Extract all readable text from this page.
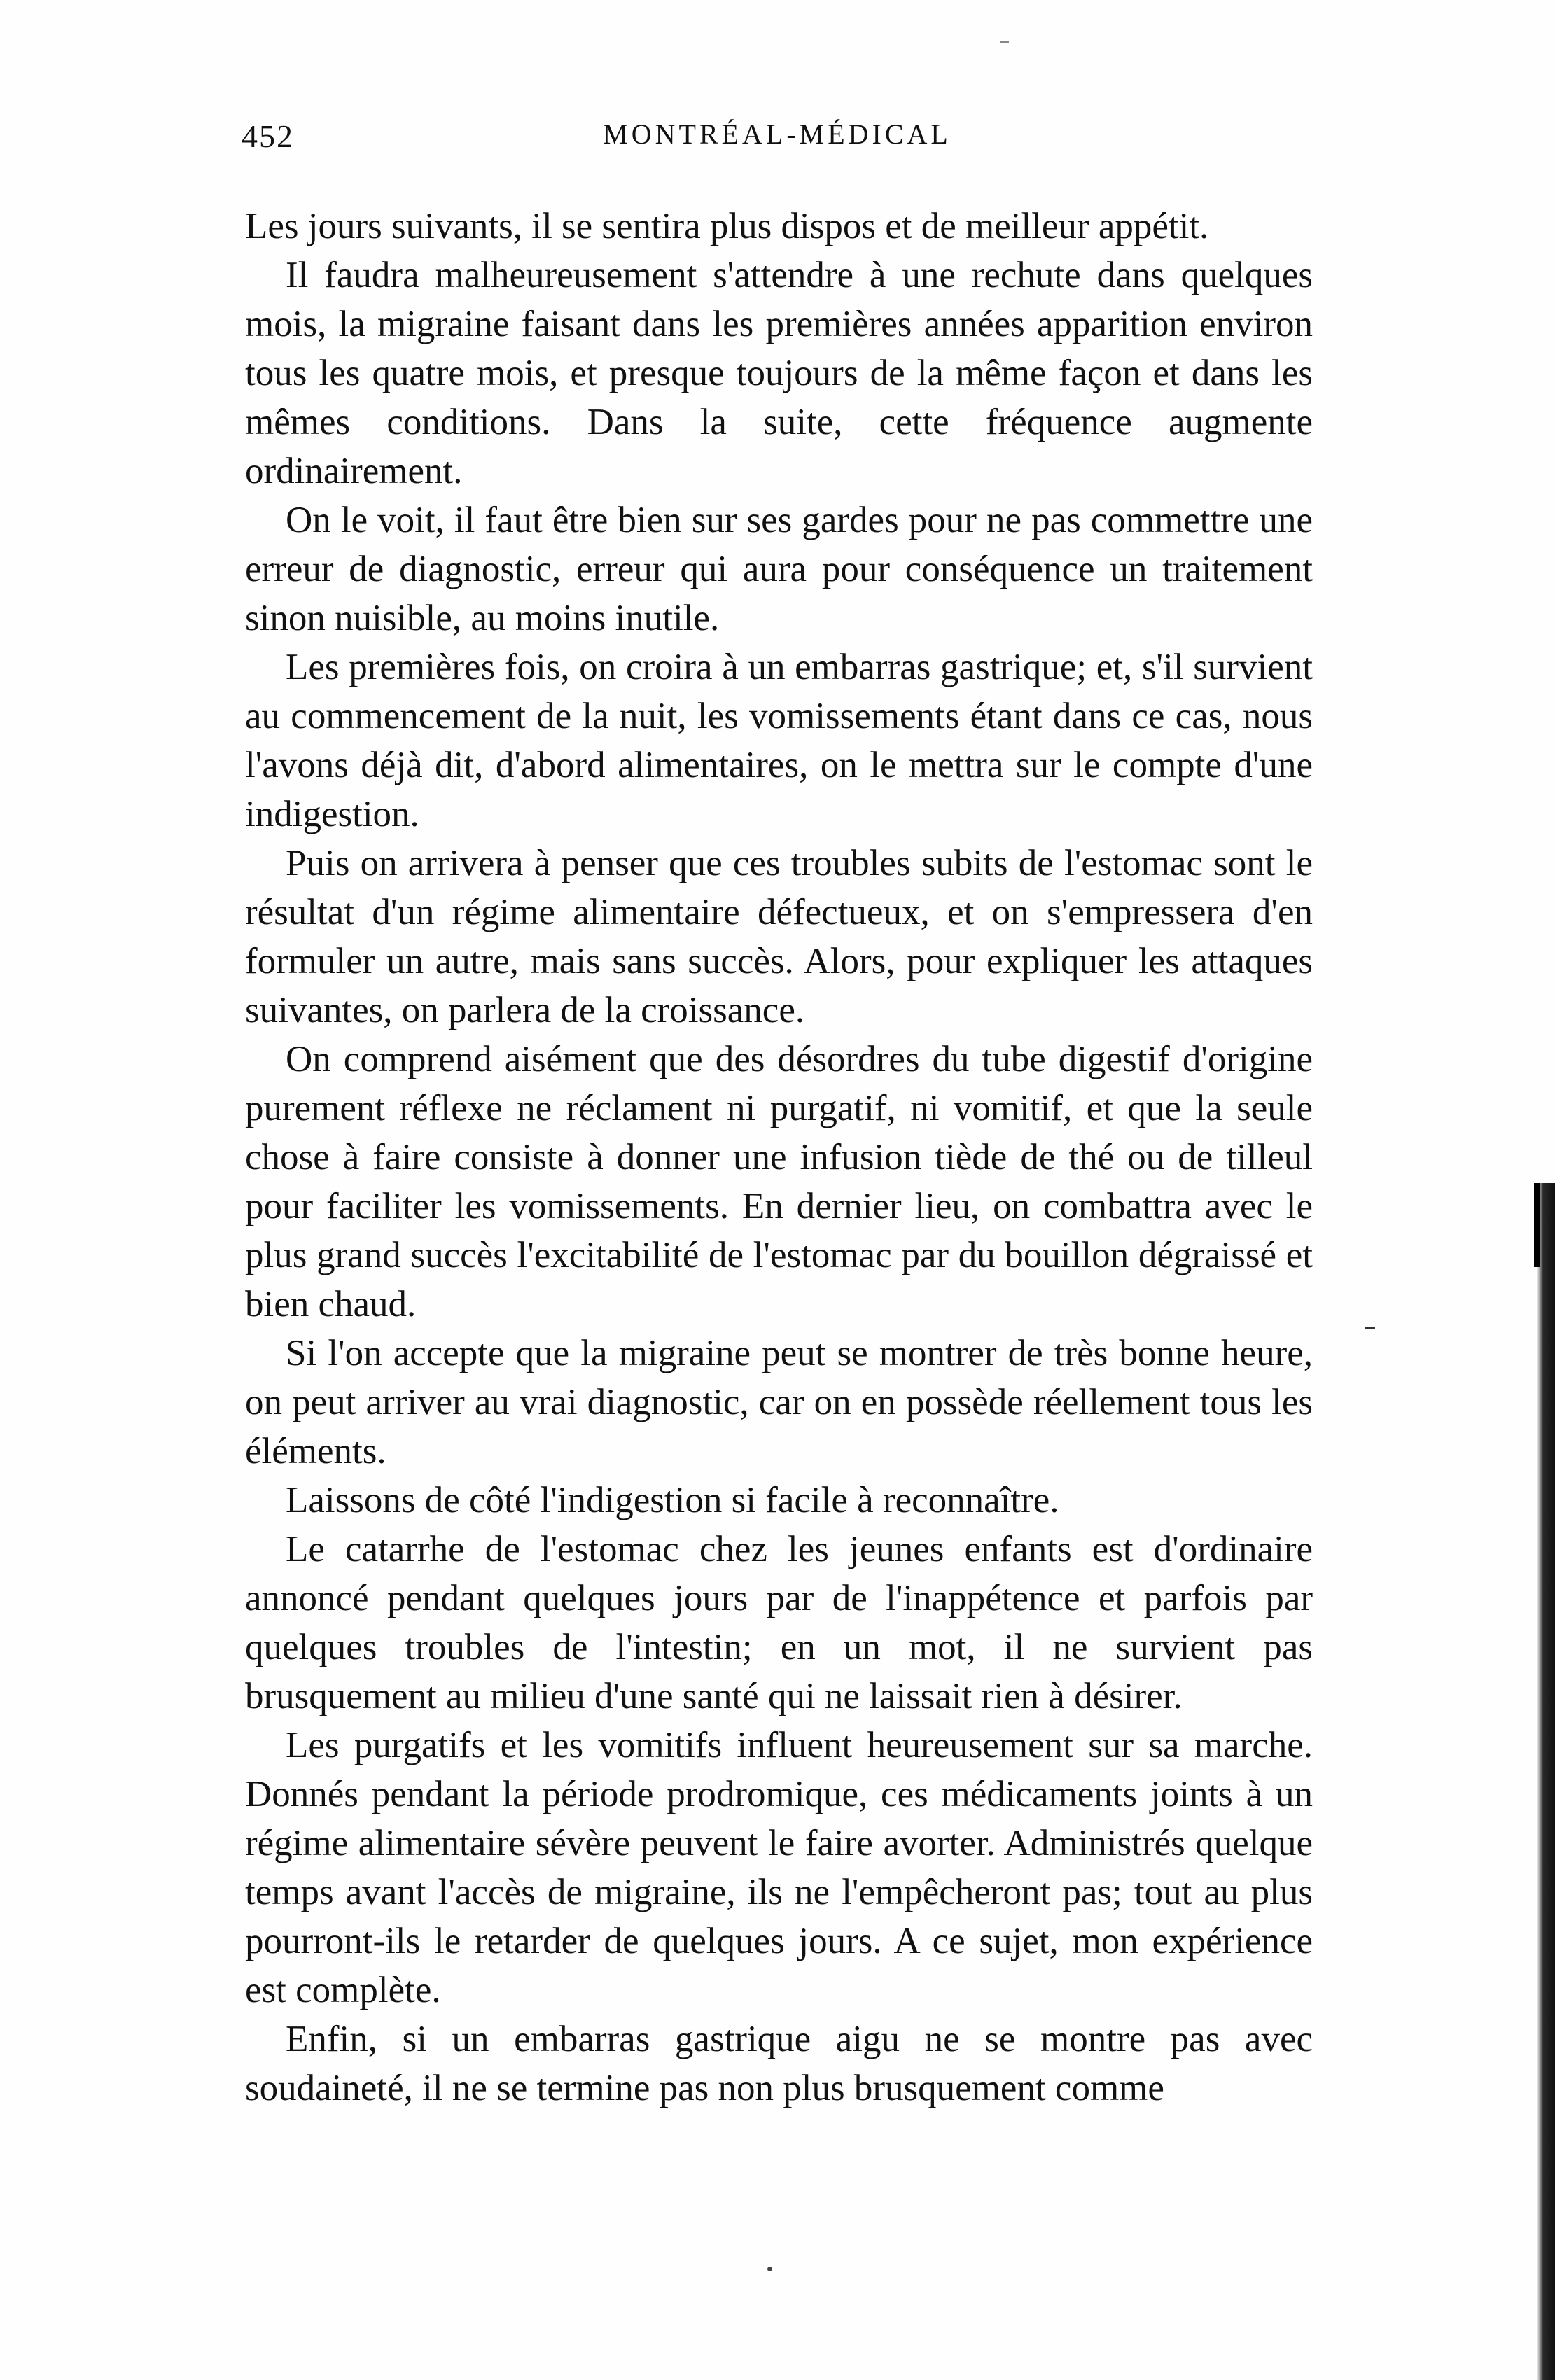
452	MONTRÉAL-MÉDICAL

Les jours suivants, il se sentira plus dispos et de meilleur appétit.

Il faudra malheureusement s'attendre à une rechute dans quelques mois, la migraine faisant dans les premières années apparition environ tous les quatre mois, et presque toujours de la même façon et dans les mêmes conditions. Dans la suite, cette fréquence augmente ordinairement.

On le voit, il faut être bien sur ses gardes pour ne pas commettre une erreur de diagnostic, erreur qui aura pour conséquence un traitement sinon nuisible, au moins inutile.

Les premières fois, on croira à un embarras gastrique; et, s'il survient au commencement de la nuit, les vomissements étant dans ce cas, nous l'avons déjà dit, d'abord alimentaires, on le mettra sur le compte d'une indigestion.

Puis on arrivera à penser que ces troubles subits de l'estomac sont le résultat d'un régime alimentaire défectueux, et on s'empressera d'en formuler un autre, mais sans succès. Alors, pour expliquer les attaques suivantes, on parlera de la croissance.

On comprend aisément que des désordres du tube digestif d'origine purement réflexe ne réclament ni purgatif, ni vomitif, et que la seule chose à faire consiste à donner une infusion tiède de thé ou de tilleul pour faciliter les vomissements. En dernier lieu, on combattra avec le plus grand succès l'excitabilité de l'estomac par du bouillon dégraissé et bien chaud.

Si l'on accepte que la migraine peut se montrer de très bonne heure, on peut arriver au vrai diagnostic, car on en possède réellement tous les éléments.

Laissons de côté l'indigestion si facile à reconnaître.

Le catarrhe de l'estomac chez les jeunes enfants est d'ordinaire annoncé pendant quelques jours par de l'inappétence et parfois par quelques troubles de l'intestin; en un mot, il ne survient pas brusquement au milieu d'une santé qui ne laissait rien à désirer.

Les purgatifs et les vomitifs influent heureusement sur sa marche. Donnés pendant la période prodromique, ces médicaments joints à un régime alimentaire sévère peuvent le faire avorter. Administrés quelque temps avant l'accès de migraine, ils ne l'empêcheront pas; tout au plus pourront-ils le retarder de quelques jours. A ce sujet, mon expérience est complète.

Enfin, si un embarras gastrique aigu ne se montre pas avec soudaineté, il ne se termine pas non plus brusquement comme
